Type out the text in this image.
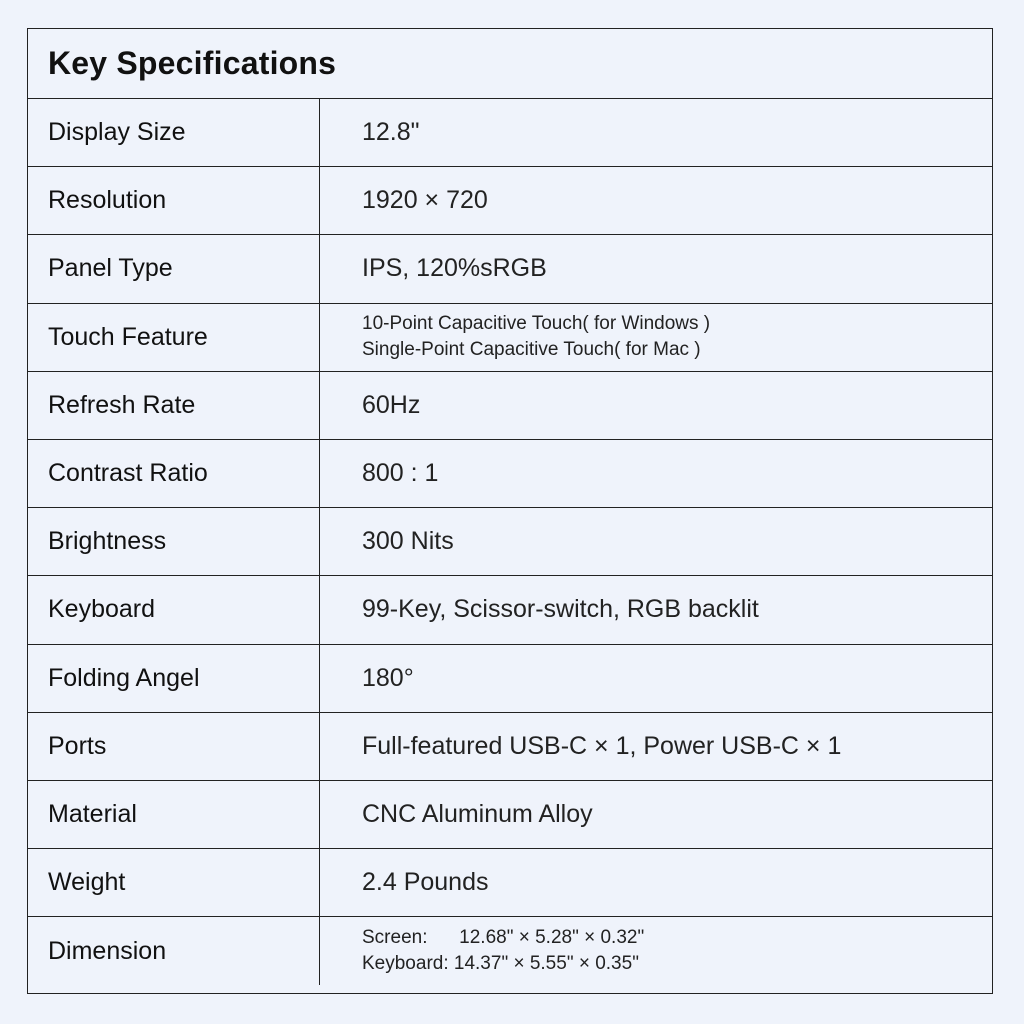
Key Specifications
Display Size	12.8"
Resolution	1920 × 720
Panel Type	IPS, 120%sRGB
Touch Feature	10-Point Capacitive Touch( for Windows )
Single-Point Capacitive Touch( for Mac )
Refresh Rate	60Hz
Contrast Ratio	800 : 1
Brightness	300 Nits
Keyboard	99-Key, Scissor-switch, RGB backlit
Folding Angel	180°
Ports	Full-featured USB-C × 1, Power USB-C × 1
Material	CNC Aluminum Alloy
Weight	2.4 Pounds
Dimension	Screen:      12.68" × 5.28" × 0.32"
Keyboard: 14.37" × 5.55" × 0.35"
